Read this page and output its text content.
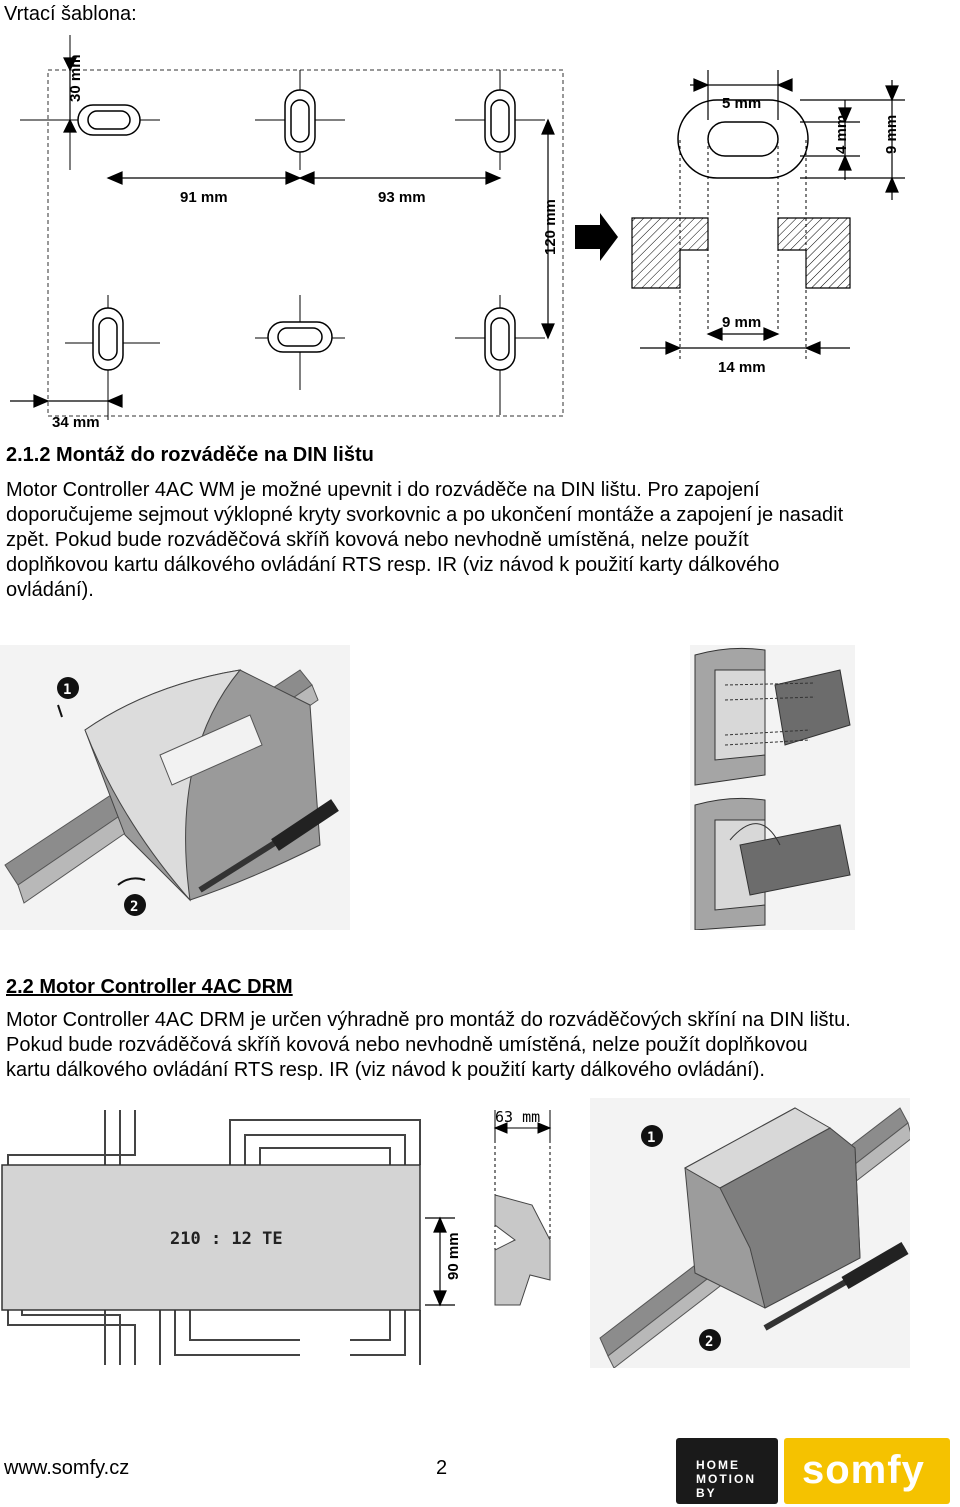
Vrtací šablona:
30 mm
91 mm	93 mm
120 mm
34 mm
5 mm
4 mm 9 mm
9 mm
14 mm
2.1.2 Montáž do rozváděče na DIN lištu

Motor Controller 4AC WM je možné upevnit i do rozváděče na DIN lištu. Pro zapojení

doporučujeme sejmout výklopné kryty svorkovnic a po ukončení montáže a zapojení je nasadit

zpět. Pokud bude rozváděčová skříň kovová nebo nevhodně umístěná, nelze použít

doplňkovou kartu dálkového ovládání RTS resp. IR (viz návod k použití karty dálkového

ovládání).

1
2
2.2 Motor Controller 4AC DRM

Motor Controller 4AC DRM je určen výhradně pro montáž do rozváděčových skříní na DIN lištu.

Pokud bude rozváděčová skříň kovová nebo nevhodně umístěná, nelze použít doplňkovou

kartu dálkového ovládání RTS resp. IR (viz návod k použití karty dálkového ovládání).

210 : 12 TE	90 mm
63 mm
1
2
www.somfy.cz	2	HOME
MOTION BY
somfy
